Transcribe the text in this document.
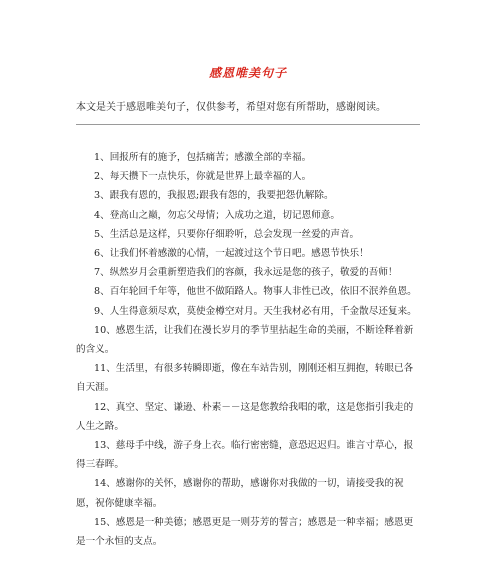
感恩唯美句子

本文是关于感恩唯美句子，仅供参考，希望对您有所帮助，感谢阅读。

1、回报所有的施予，包括痛苦；感激全部的幸福。
2、每天攒下一点快乐，你就是世界上最幸福的人。
3、跟我有恩的，我报恩;跟我有怨的，我要把怨仇解除。
4、登高山之巅，勿忘父母情；入成功之道，切记恩师意。
5、生活总是这样，只要你仔细聆听，总会发现一丝爱的声音。
6、让我们怀着感激的心情，一起渡过这个节日吧。感恩节快乐！
7、纵然岁月会重新塑造我们的容颜，我永远是您的孩子，敬爱的吾师！
8、百年轮回千年等，他世不做陌路人。物事人非性已改，依旧不泯养鱼恩。
9、人生得意须尽欢，莫使金樽空对月。天生我材必有用，千金散尽还复来。
10、感恩生活，让我们在漫长岁月的季节里拈起生命的美丽，不断诠释着新的含义。
11、生活里，有很多转瞬即逝，像在车站告别，刚刚还相互拥抱，转眼已各自天涯。
12、真空、坚定、谦逊、朴素－－这是您教给我唱的歌，这是您指引我走的人生之路。
13、慈母手中线，游子身上衣。临行密密缝，意恐迟迟归。谁言寸草心，报得三春晖。
14、感谢你的关怀，感谢你的帮助，感谢你对我做的一切，请接受我的祝愿，祝你健康幸福。
15、感恩是一种美德；感恩更是一则芬芳的誓言；感恩是一种幸福；感恩更是一个永恒的支点。
